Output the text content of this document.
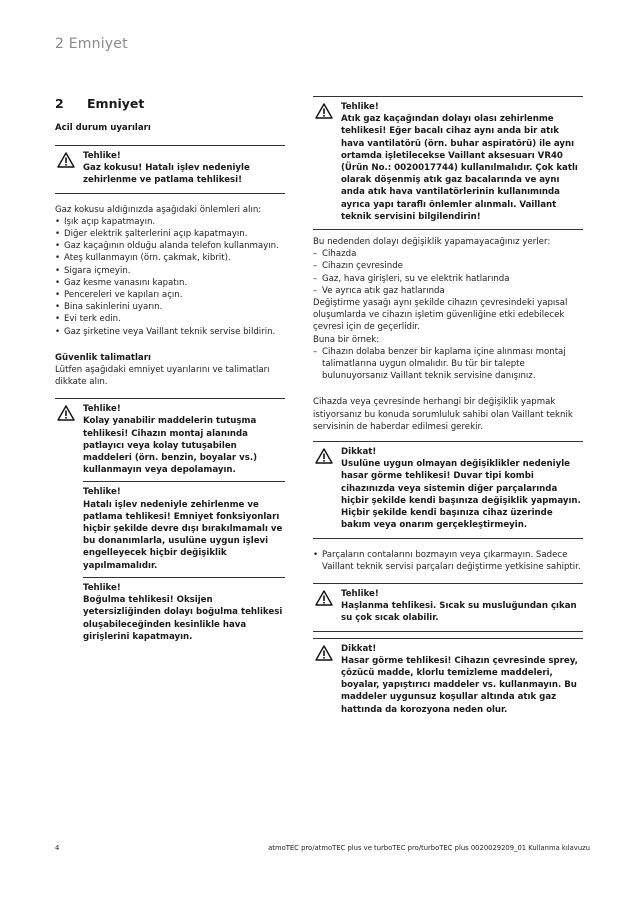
2 Emniyet
2	Emniyet
Acil durum uyarıları

Tehlike!

Gaz kokusu! Hatalı işlev nedeniyle zehirlenme ve patlama tehlikesi!

Gaz kokusu aldığınızda aşağıdaki önlemleri alın:

• Işık açıp kapatmayın.
• Diğer elektrik şalterlerini açıp kapatmayın.
• Gaz kaçağının olduğu alanda telefon kullanmayın.
• Ateş kullanmayın (örn. çakmak, kibrit).
• Sigara içmeyin.
• Gaz kesme vanasını kapatın.
• Pencereleri ve kapıları açın.
• Bina sakinlerini uyarın.
• Evi terk edin.
• Gaz şirketine veya Vaillant teknik servise bildirin.
Güvenlik talimatları

Lütfen aşağıdaki emniyet uyarılarını ve talimatları dikkate alın.

Tehlike!

Kolay yanabilir maddelerin tutuşma tehlikesi! Cihazın montaj alanında patlayıcı veya kolay tutuşabilen maddeleri (örn. benzin, boyalar vs.) kullanmayın veya depolamayın.

Tehlike!

Hatalı işlev nedeniyle zehirlenme ve patlama tehlikesi! Emniyet fonksiyonları hiçbir şekilde devre dışı bırakılmamalı ve bu donanımlarla, usulüne uygun işlevi engelleyecek hiçbir değişiklik yapılmamalıdır.

Tehlike!

Boğulma tehlikesi! Oksijen yetersizliğinden dolayı boğulma tehlikesi oluşabileceğinden kesinlikle hava girişlerini kapatmayın.

Tehlike!

Atık gaz kaçağından dolayı olası zehirlenme tehlikesi! Eğer bacalı cihaz aynı anda bir atık hava vantilatörü (örn. buhar aspiratörü) ile aynı ortamda işletilecekse Vaillant aksesuarı VR40 (Ürün No.: 0020017744) kullanılmalıdır. Çok katlı olarak döşenmiş atık gaz bacalarında ve aynı anda atık hava vantilatörlerinin kullanımında ayrıca yapı taraflı önlemler alınmalı. Vaillant teknik servisini bilgilendirin!

Bu nedenden dolayı değişiklik yapamayacağınız yerler:

– Cihazda
– Cihazın çevresinde
– Gaz, hava girişleri, su ve elektrik hatlarında
– Ve ayrıca atık gaz hatlarında

Değiştirme yasağı aynı şekilde cihazın çevresindeki yapısal oluşumlarda ve cihazın işletim güvenliğine etki edebilecek çevresi için de geçerlidir.

Buna bir örnek:

– Cihazın dolaba benzer bir kaplama içine alınması montaj talimatlarına uygun olmalıdır. Bu tür bir talepte bulunuyorsanız Vaillant teknik servisine danışınız.

Cihazda veya çevresinde herhangi bir değişiklik yapmak istiyorsanız bu konuda sorumluluk sahibi olan Vaillant teknik servisinin de haberdar edilmesi gerekir.

Dikkat!

Usulüne uygun olmayan değişiklikler nedeniyle hasar görme tehlikesi! Duvar tipi kombi cihazınızda veya sistemin diğer parçalarında hiçbir şekilde kendi başınıza değişiklik yapmayın. Hiçbir şekilde kendi başınıza cihaz üzerinde bakım veya onarım gerçekleştirmeyin.

• Parçaların contalarını bozmayın veya çıkarmayın. Sadece Vaillant teknik servisi parçaları değiştirme yetkisine sahiptir.

Tehlike!

Haşlanma tehlikesi. Sıcak su musluğundan çıkan su çok sıcak olabilir.

Dikkat!

Hasar görme tehlikesi! Cihazın çevresinde sprey, çözücü madde, klorlu temizleme maddeleri, boyalar, yapıştırıcı maddeler vs. kullanmayın. Bu maddeler uygunsuz koşullar altında atık gaz hattında da korozyona neden olur.

4	atmoTEC pro/atmoTEC plus ve turboTEC pro/turboTEC plus 0020029209_01 Kullanma kılavuzu
